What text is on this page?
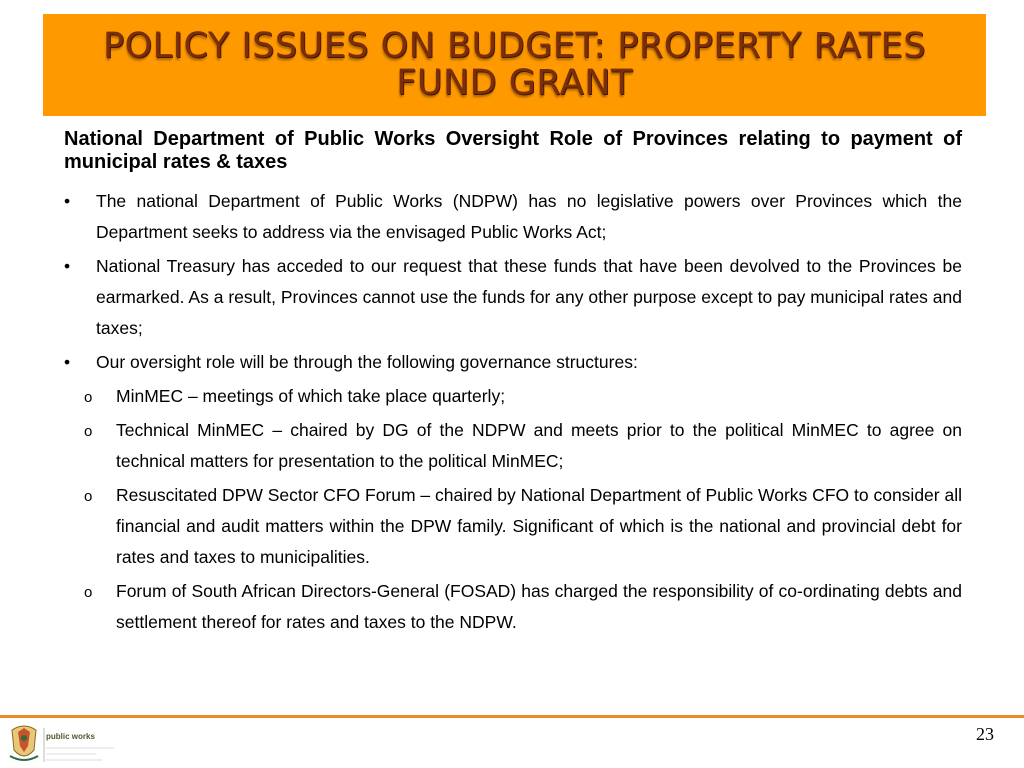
POLICY ISSUES ON BUDGET: PROPERTY RATES FUND GRANT

National Department of Public Works Oversight Role of Provinces relating to payment of municipal rates & taxes

• The national Department of Public Works (NDPW) has no legislative powers over Provinces which the Department seeks to address via the envisaged Public Works Act;
• National Treasury has acceded to our request that these funds that have been devolved to the Provinces be earmarked. As a result, Provinces cannot use the funds for any other purpose except to pay municipal rates and taxes;
• Our oversight role will be through the following governance structures:
o MinMEC – meetings of which take place quarterly;
o Technical MinMEC – chaired by DG of the NDPW and meets prior to the political MinMEC to agree on technical matters for presentation to the political MinMEC;
o Resuscitated DPW Sector CFO Forum – chaired by National Department of Public Works CFO to consider all financial and audit matters within the DPW family. Significant of which is the national and provincial debt for rates and taxes to municipalities.
o Forum of South African Directors-General (FOSAD) has charged the responsibility of co-ordinating debts and settlement thereof for rates and taxes to the NDPW.
public works	23
